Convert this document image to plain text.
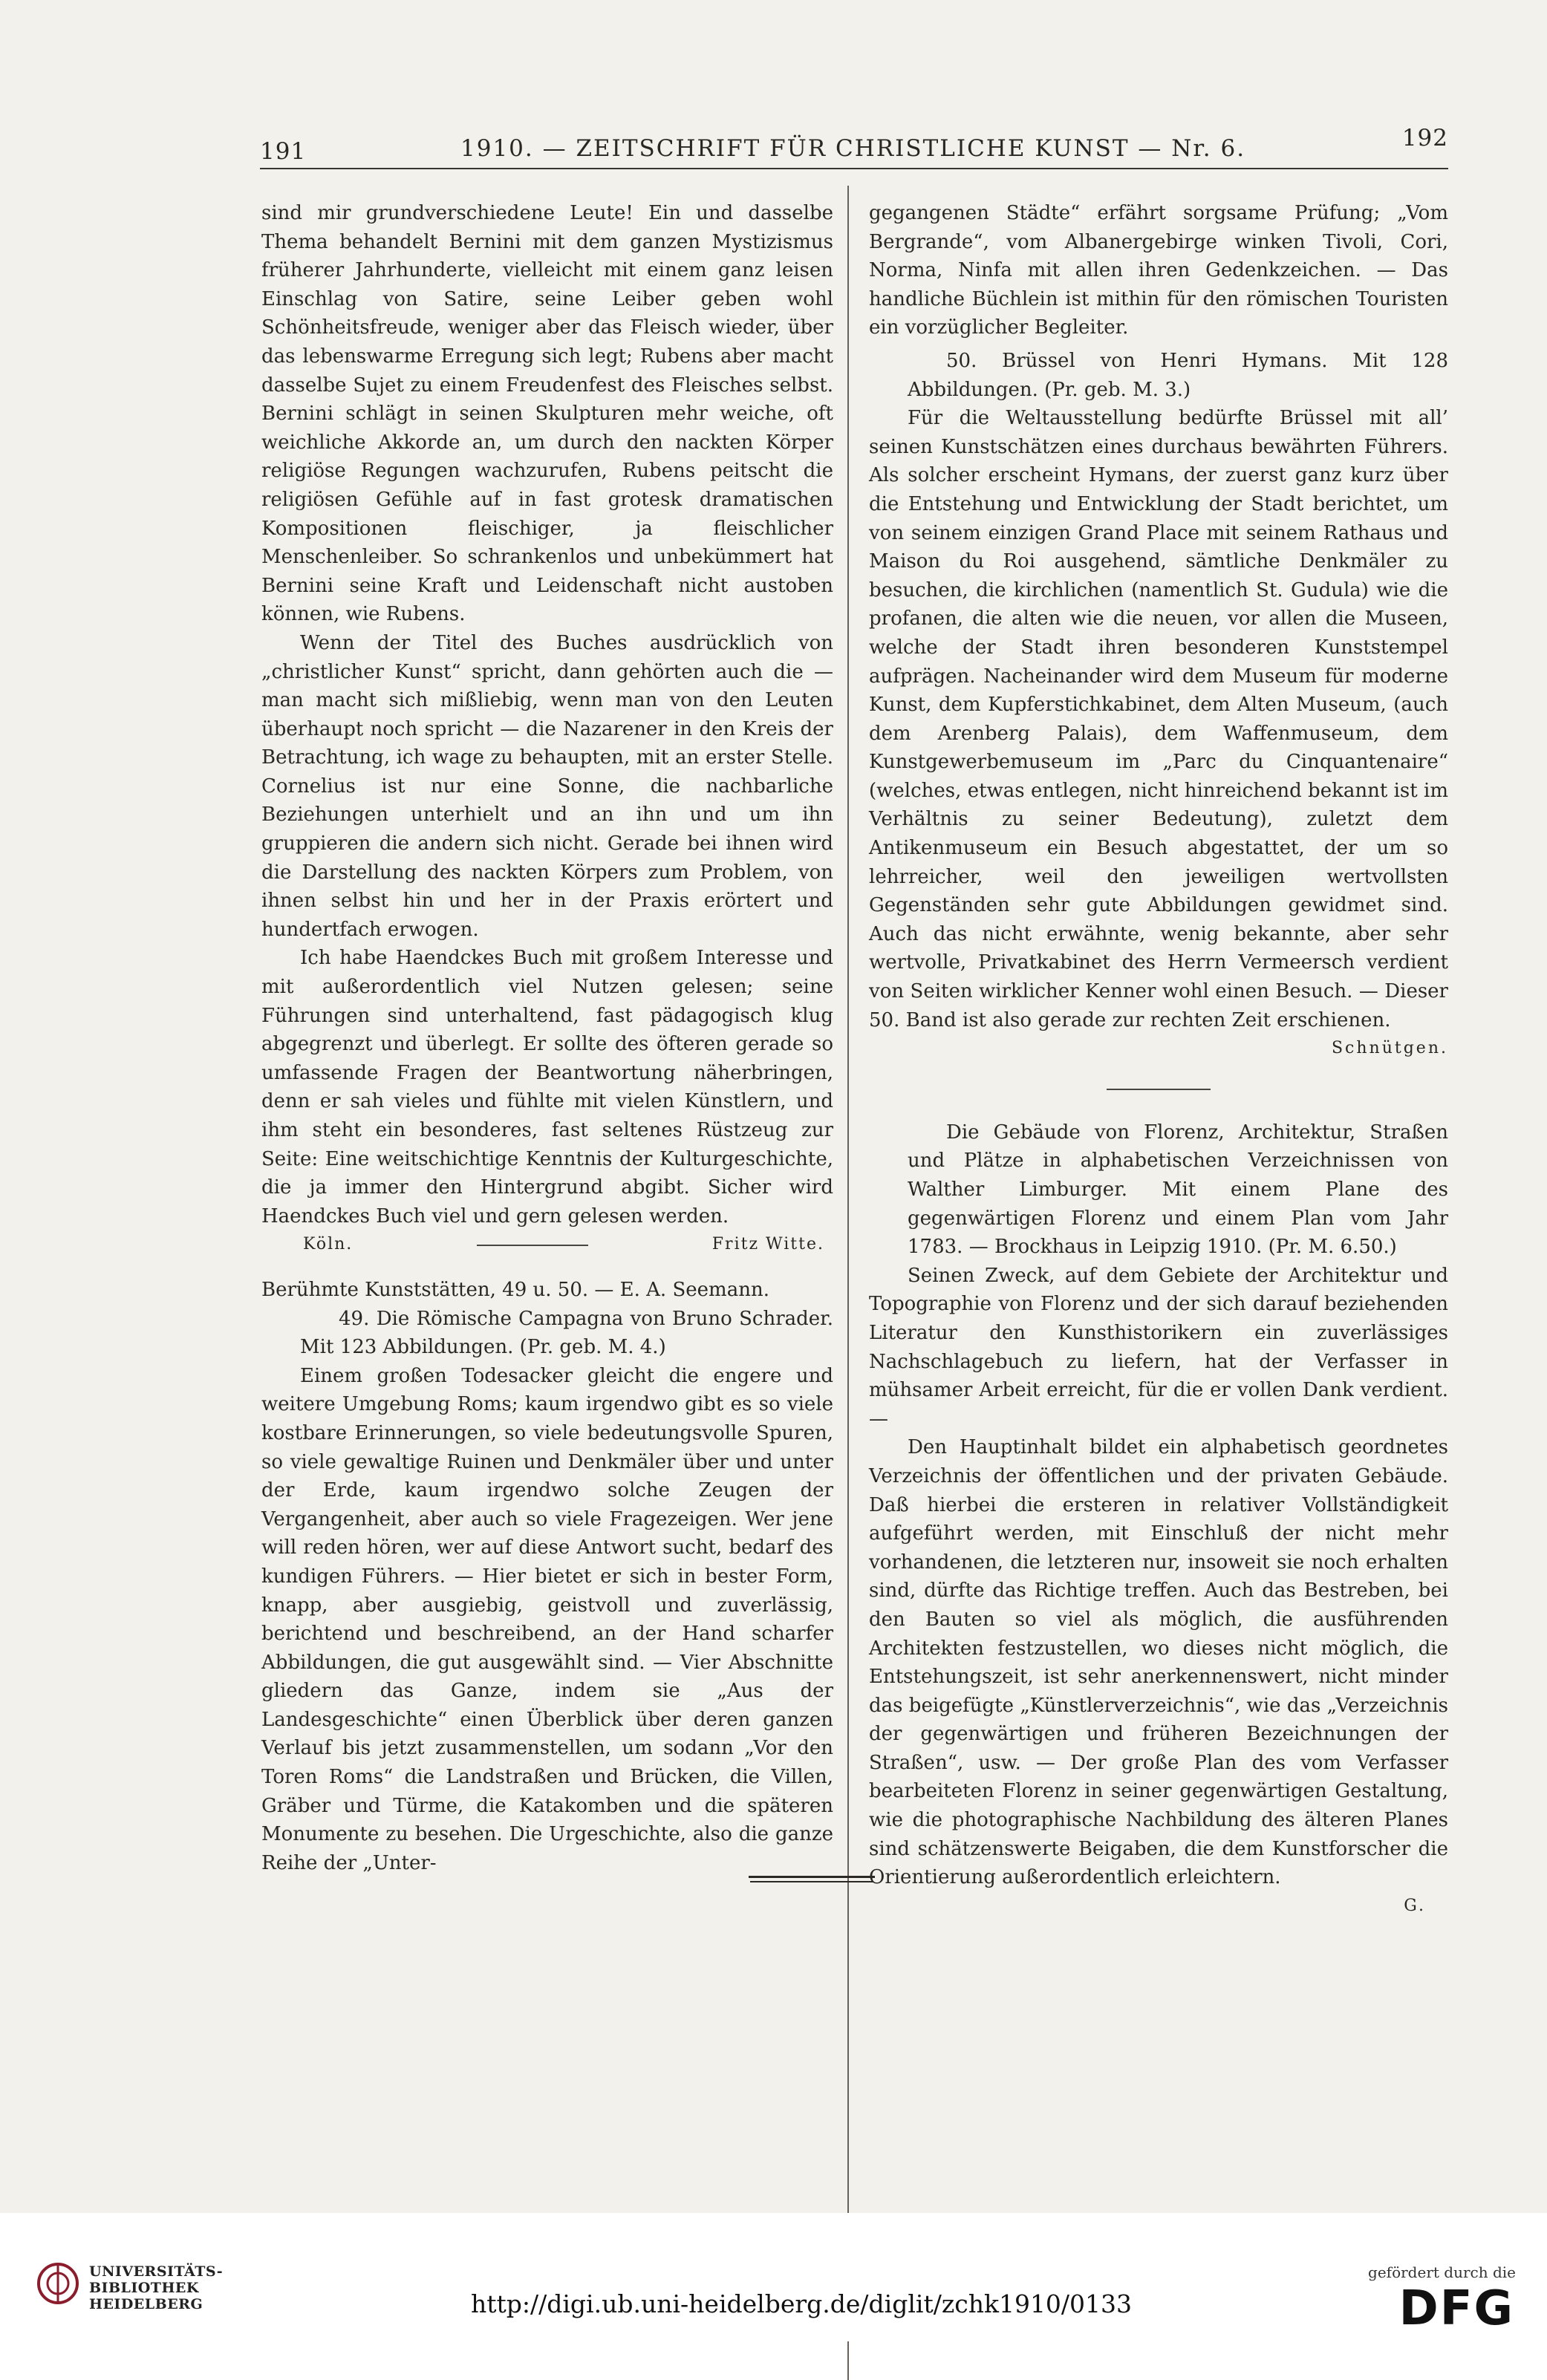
191	1910. — ZEITSCHRIFT FÜR CHRISTLICHE KUNST — Nr. 6.	192

sind mir grundverschiedene Leute! Ein und dasselbe Thema behandelt Bernini mit dem ganzen Mystizismus früherer Jahrhunderte, vielleicht mit einem ganz leisen Einschlag von Satire, seine Leiber geben wohl Schönheitsfreude, weniger aber das Fleisch wieder, über das lebenswarme Erregung sich legt; Rubens aber macht dasselbe Sujet zu einem Freudenfest des Fleisches selbst. Bernini schlägt in seinen Skulpturen mehr weiche, oft weichliche Akkorde an, um durch den nackten Körper religiöse Regungen wachzurufen, Rubens peitscht die religiösen Gefühle auf in fast grotesk dramatischen Kompositionen fleischiger, ja fleischlicher Menschenleiber. So schrankenlos und unbekümmert hat Bernini seine Kraft und Leidenschaft nicht austoben können, wie Rubens.

Wenn der Titel des Buches ausdrücklich von „christlicher Kunst“ spricht, dann gehörten auch die — man macht sich mißliebig, wenn man von den Leuten überhaupt noch spricht — die Nazarener in den Kreis der Betrachtung, ich wage zu behaupten, mit an erster Stelle. Cornelius ist nur eine Sonne, die nachbarliche Beziehungen unterhielt und an ihn und um ihn gruppieren die andern sich nicht. Gerade bei ihnen wird die Darstellung des nackten Körpers zum Problem, von ihnen selbst hin und her in der Praxis erörtert und hundertfach erwogen.

Ich habe Haendckes Buch mit großem Interesse und mit außerordentlich viel Nutzen gelesen; seine Führungen sind unterhaltend, fast pädagogisch klug abgegrenzt und überlegt. Er sollte des öfteren gerade so umfassende Fragen der Beantwortung näherbringen, denn er sah vieles und fühlte mit vielen Künstlern, und ihm steht ein besonderes, fast seltenes Rüstzeug zur Seite: Eine weitschichtige Kenntnis der Kulturgeschichte, die ja immer den Hintergrund abgibt. Sicher wird Haendckes Buch viel und gern gelesen werden.

Köln.	Fritz Witte.

Berühmte Kunststätten, 49 u. 50. — E. A. Seemann.

49. Die Römische Campagna von Bruno Schrader. Mit 123 Abbildungen. (Pr. geb. M. 4.)

Einem großen Todesacker gleicht die engere und weitere Umgebung Roms; kaum irgendwo gibt es so viele kostbare Erinnerungen, so viele bedeutungsvolle Spuren, so viele gewaltige Ruinen und Denkmäler über und unter der Erde, kaum irgendwo solche Zeugen der Vergangenheit, aber auch so viele Fragezeigen. Wer jene will reden hören, wer auf diese Antwort sucht, bedarf des kundigen Führers. — Hier bietet er sich in bester Form, knapp, aber ausgiebig, geistvoll und zuverlässig, berichtend und beschreibend, an der Hand scharfer Abbildungen, die gut ausgewählt sind. — Vier Abschnitte gliedern das Ganze, indem sie „Aus der Landesgeschichte“ einen Überblick über deren ganzen Verlauf bis jetzt zusammenstellen, um sodann „Vor den Toren Roms“ die Landstraßen und Brücken, die Villen, Gräber und Türme, die Katakomben und die späteren Monumente zu besehen. Die Urgeschichte, also die ganze Reihe der „Unter-

gegangenen Städte“ erfährt sorgsame Prüfung; „Vom Bergrande“, vom Albanergebirge winken Tivoli, Cori, Norma, Ninfa mit allen ihren Gedenkzeichen. — Das handliche Büchlein ist mithin für den römischen Touristen ein vorzüglicher Begleiter.

50. Brüssel von Henri Hymans. Mit 128 Abbildungen. (Pr. geb. M. 3.)

Für die Weltausstellung bedürfte Brüssel mit all’ seinen Kunstschätzen eines durchaus bewährten Führers. Als solcher erscheint Hymans, der zuerst ganz kurz über die Entstehung und Entwicklung der Stadt berichtet, um von seinem einzigen Grand Place mit seinem Rathaus und Maison du Roi ausgehend, sämtliche Denkmäler zu besuchen, die kirchlichen (namentlich St. Gudula) wie die profanen, die alten wie die neuen, vor allen die Museen, welche der Stadt ihren besonderen Kunststempel aufprägen. Nacheinander wird dem Museum für moderne Kunst, dem Kupferstichkabinet, dem Alten Museum, (auch dem Arenberg Palais), dem Waffenmuseum, dem Kunstgewerbemuseum im „Parc du Cinquantenaire“ (welches, etwas entlegen, nicht hinreichend bekannt ist im Verhältnis zu seiner Bedeutung), zuletzt dem Antikenmuseum ein Besuch abgestattet, der um so lehrreicher, weil den jeweiligen wertvollsten Gegenständen sehr gute Abbildungen gewidmet sind. Auch das nicht erwähnte, wenig bekannte, aber sehr wertvolle, Privatkabinet des Herrn Vermeersch verdient von Seiten wirklicher Kenner wohl einen Besuch. — Dieser 50. Band ist also gerade zur rechten Zeit erschienen.

Schnütgen.

Die Gebäude von Florenz, Architektur, Straßen und Plätze in alphabetischen Verzeichnissen von Walther Limburger. Mit einem Plane des gegenwärtigen Florenz und einem Plan vom Jahr 1783. — Brockhaus in Leipzig 1910. (Pr. M. 6.50.)

Seinen Zweck, auf dem Gebiete der Architektur und Topographie von Florenz und der sich darauf beziehenden Literatur den Kunsthistorikern ein zuverlässiges Nachschlagebuch zu liefern, hat der Verfasser in mühsamer Arbeit erreicht, für die er vollen Dank verdient. —

Den Hauptinhalt bildet ein alphabetisch geordnetes Verzeichnis der öffentlichen und der privaten Gebäude. Daß hierbei die ersteren in relativer Vollständigkeit aufgeführt werden, mit Einschluß der nicht mehr vorhandenen, die letzteren nur, insoweit sie noch erhalten sind, dürfte das Richtige treffen. Auch das Bestreben, bei den Bauten so viel als möglich, die ausführenden Architekten festzustellen, wo dieses nicht möglich, die Entstehungszeit, ist sehr anerkennenswert, nicht minder das beigefügte „Künstlerverzeichnis“, wie das „Verzeichnis der gegenwärtigen und früheren Bezeichnungen der Straßen“, usw. — Der große Plan des vom Verfasser bearbeiteten Florenz in seiner gegenwärtigen Gestaltung, wie die photographische Nachbildung des älteren Planes sind schätzenswerte Beigaben, die dem Kunstforscher die Orientierung außerordentlich erleichtern.

G.
UNIVERSITÄTS-
BIBLIOTHEK
HEIDELBERG	http://digi.ub.uni-heidelberg.de/diglit/zchk1910/0133
gefördert durch die
DFG
